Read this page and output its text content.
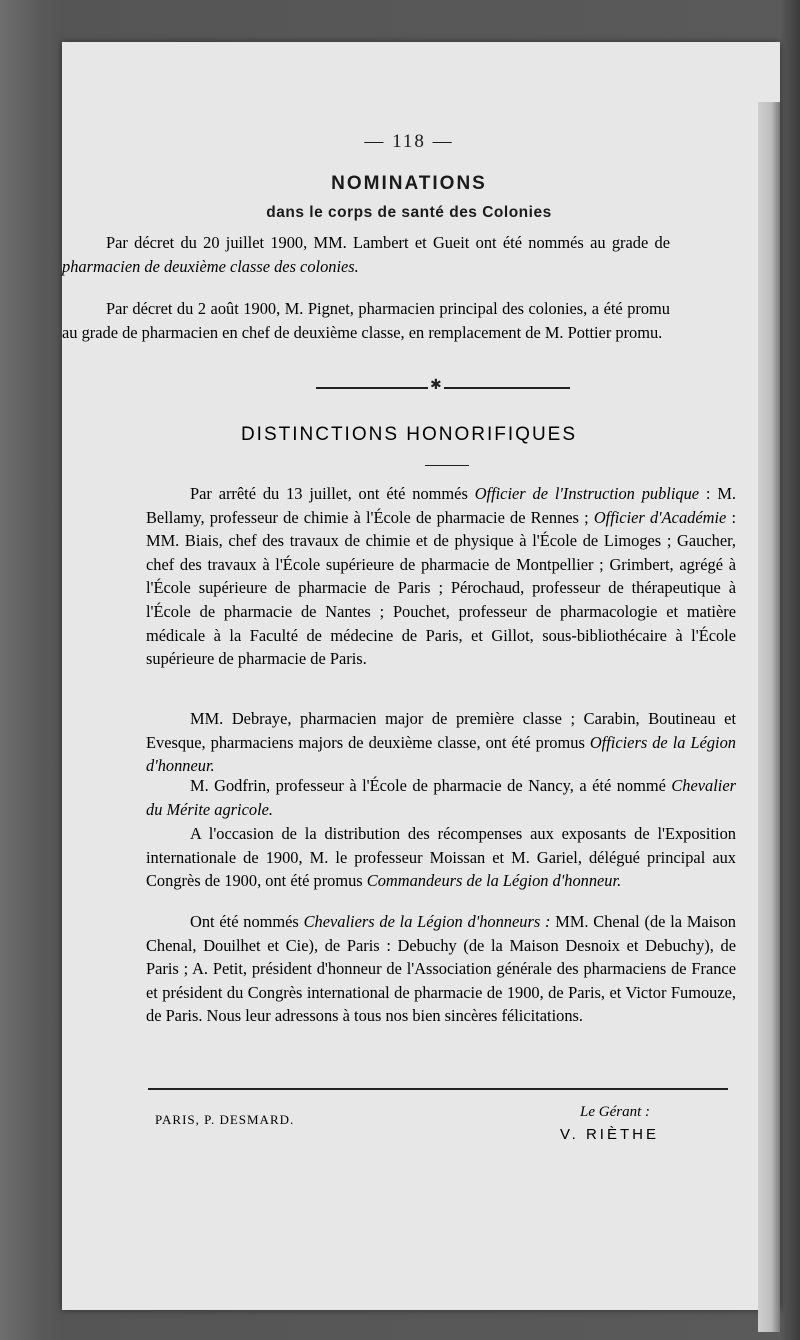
— 118 —
NOMINATIONS
dans le corps de santé des Colonies

Par décret du 20 juillet 1900, MM. Lambert et Gueit ont été nommés au grade de pharmacien de deuxième classe des colonies.

Par décret du 2 août 1900, M. Pignet, pharmacien principal des colonies, a été promu au grade de pharmacien en chef de deuxième classe, en remplacement de M. Pottier promu.

✱
DISTINCTIONS HONORIFIQUES

Par arrêté du 13 juillet, ont été nommés Officier de l'Instruction publique : M. Bellamy, professeur de chimie à l'École de pharmacie de Rennes ; Officier d'Académie : MM. Biais, chef des travaux de chimie et de physique à l'École de Limoges ; Gaucher, chef des travaux à l'École supérieure de pharmacie de Montpellier ; Grimbert, agrégé à l'École supérieure de pharmacie de Paris ; Pérochaud, professeur de thérapeutique à l'École de pharmacie de Nantes ; Pouchet, professeur de pharmacologie et matière médicale à la Faculté de médecine de Paris, et Gillot, sous-bibliothécaire à l'École supérieure de pharmacie de Paris.

MM. Debraye, pharmacien major de première classe ; Carabin, Boutineau et Evesque, pharmaciens majors de deuxième classe, ont été promus Officiers de la Légion d'honneur.

M. Godfrin, professeur à l'École de pharmacie de Nancy, a été nommé Chevalier du Mérite agricole.

A l'occasion de la distribution des récompenses aux exposants de l'Exposition internationale de 1900, M. le professeur Moissan et M. Gariel, délégué principal aux Congrès de 1900, ont été promus Commandeurs de la Légion d'honneur.

Ont été nommés Chevaliers de la Légion d'honneurs : MM. Chenal (de la Maison Chenal, Douilhet et Cie), de Paris : Debuchy (de la Maison Desnoix et Debuchy), de Paris ; A. Petit, président d'honneur de l'Association générale des pharmaciens de France et président du Congrès international de pharmacie de 1900, de Paris, et Victor Fumouze, de Paris. Nous leur adressons à tous nos bien sincères félicitations.

PARIS, P. DESMARD.	Le Gérant :
V. RIÈTHE
